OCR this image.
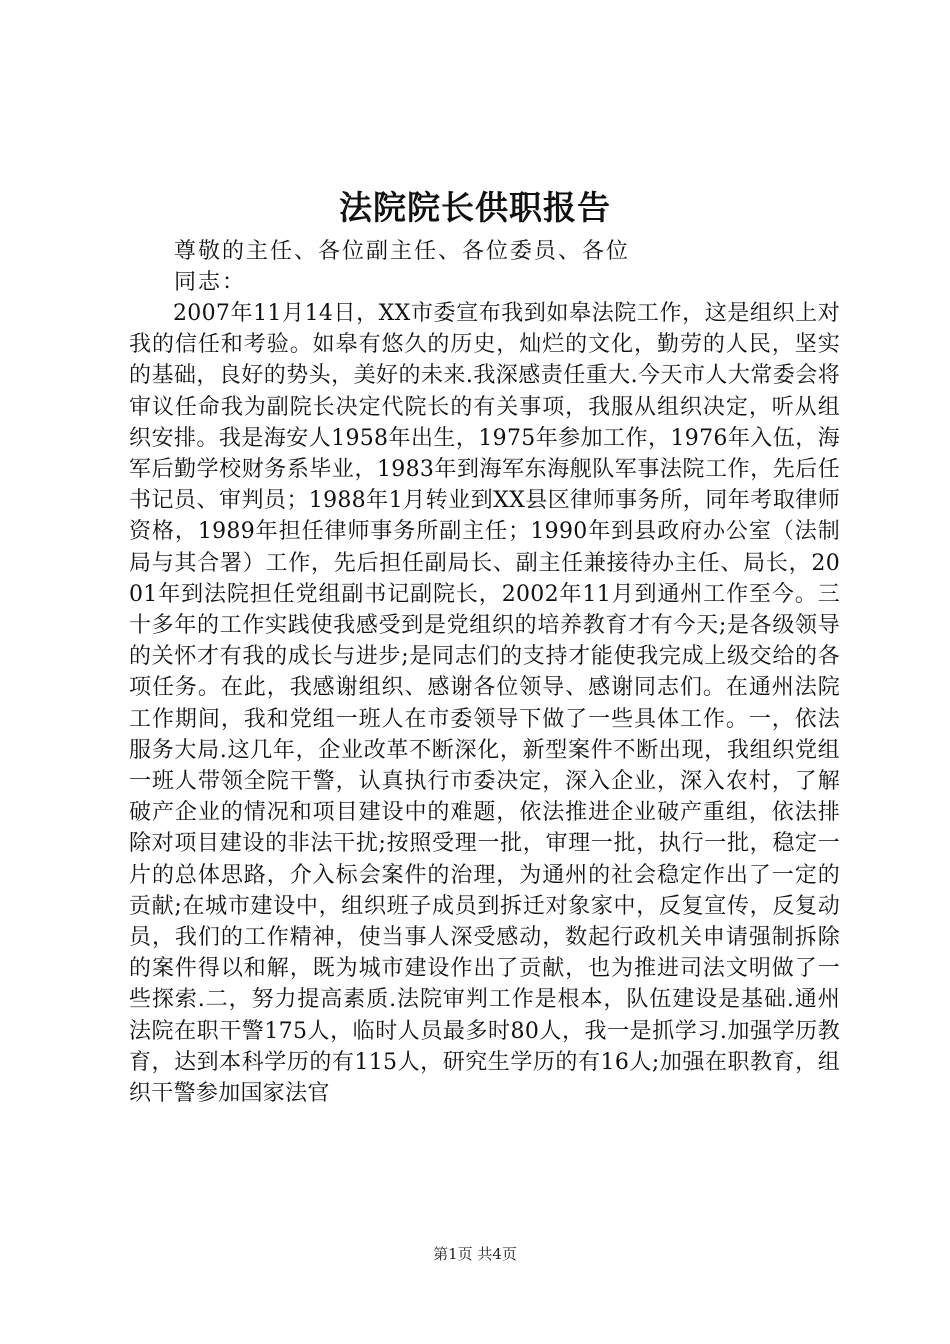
法院院长供职报告
尊敬的主任、各位副主任、各位委员、各位
同志：
2007年11月14日，XX市委宣布我到如皋法院工作，这是组织上对我的信任和考验。如皋有悠久的历史，灿烂的文化，勤劳的人民，坚实的基础，良好的势头，美好的未来.我深感责任重大.今天市人大常委会将审议任命我为副院长决定代院长的有关事项，我服从组织决定，听从组织安排。我是海安人1958年出生，1975年参加工作，1976年入伍，海军后勤学校财务系毕业，1983年到海军东海舰队军事法院工作，先后任书记员、审判员；1988年1月转业到XX县区律师事务所，同年考取律师资格，1989年担任律师事务所副主任；1990年到县政府办公室（法制局与其合署）工作，先后担任副局长、副主任兼接待办主任、局长，2001年到法院担任党组副书记副院长，2002年11月到通州工作至今。三十多年的工作实践使我感受到是党组织的培养教育才有今天;是各级领导的关怀才有我的成长与进步;是同志们的支持才能使我完成上级交给的各项任务。在此，我感谢组织、感谢各位领导、感谢同志们。在通州法院工作期间，我和党组一班人在市委领导下做了一些具体工作。一，依法服务大局.这几年，企业改革不断深化，新型案件不断出现，我组织党组一班人带领全院干警，认真执行市委决定，深入企业，深入农村，了解破产企业的情况和项目建设中的难题，依法推进企业破产重组，依法排除对项目建设的非法干扰;按照受理一批，审理一批，执行一批，稳定一片的总体思路，介入标会案件的治理，为通州的社会稳定作出了一定的贡献;在城市建设中，组织班子成员到拆迁对象家中，反复宣传，反复动员，我们的工作精神，使当事人深受感动，数起行政机关申请强制拆除的案件得以和解，既为城市建设作出了贡献，也为推进司法文明做了一些探索.二，努力提高素质.法院审判工作是根本，队伍建设是基础.通州法院在职干警175人，临时人员最多时80人，我一是抓学习.加强学历教育，达到本科学历的有115人，研究生学历的有16人;加强在职教育，组织干警参加国家法官
第1页 共4页
